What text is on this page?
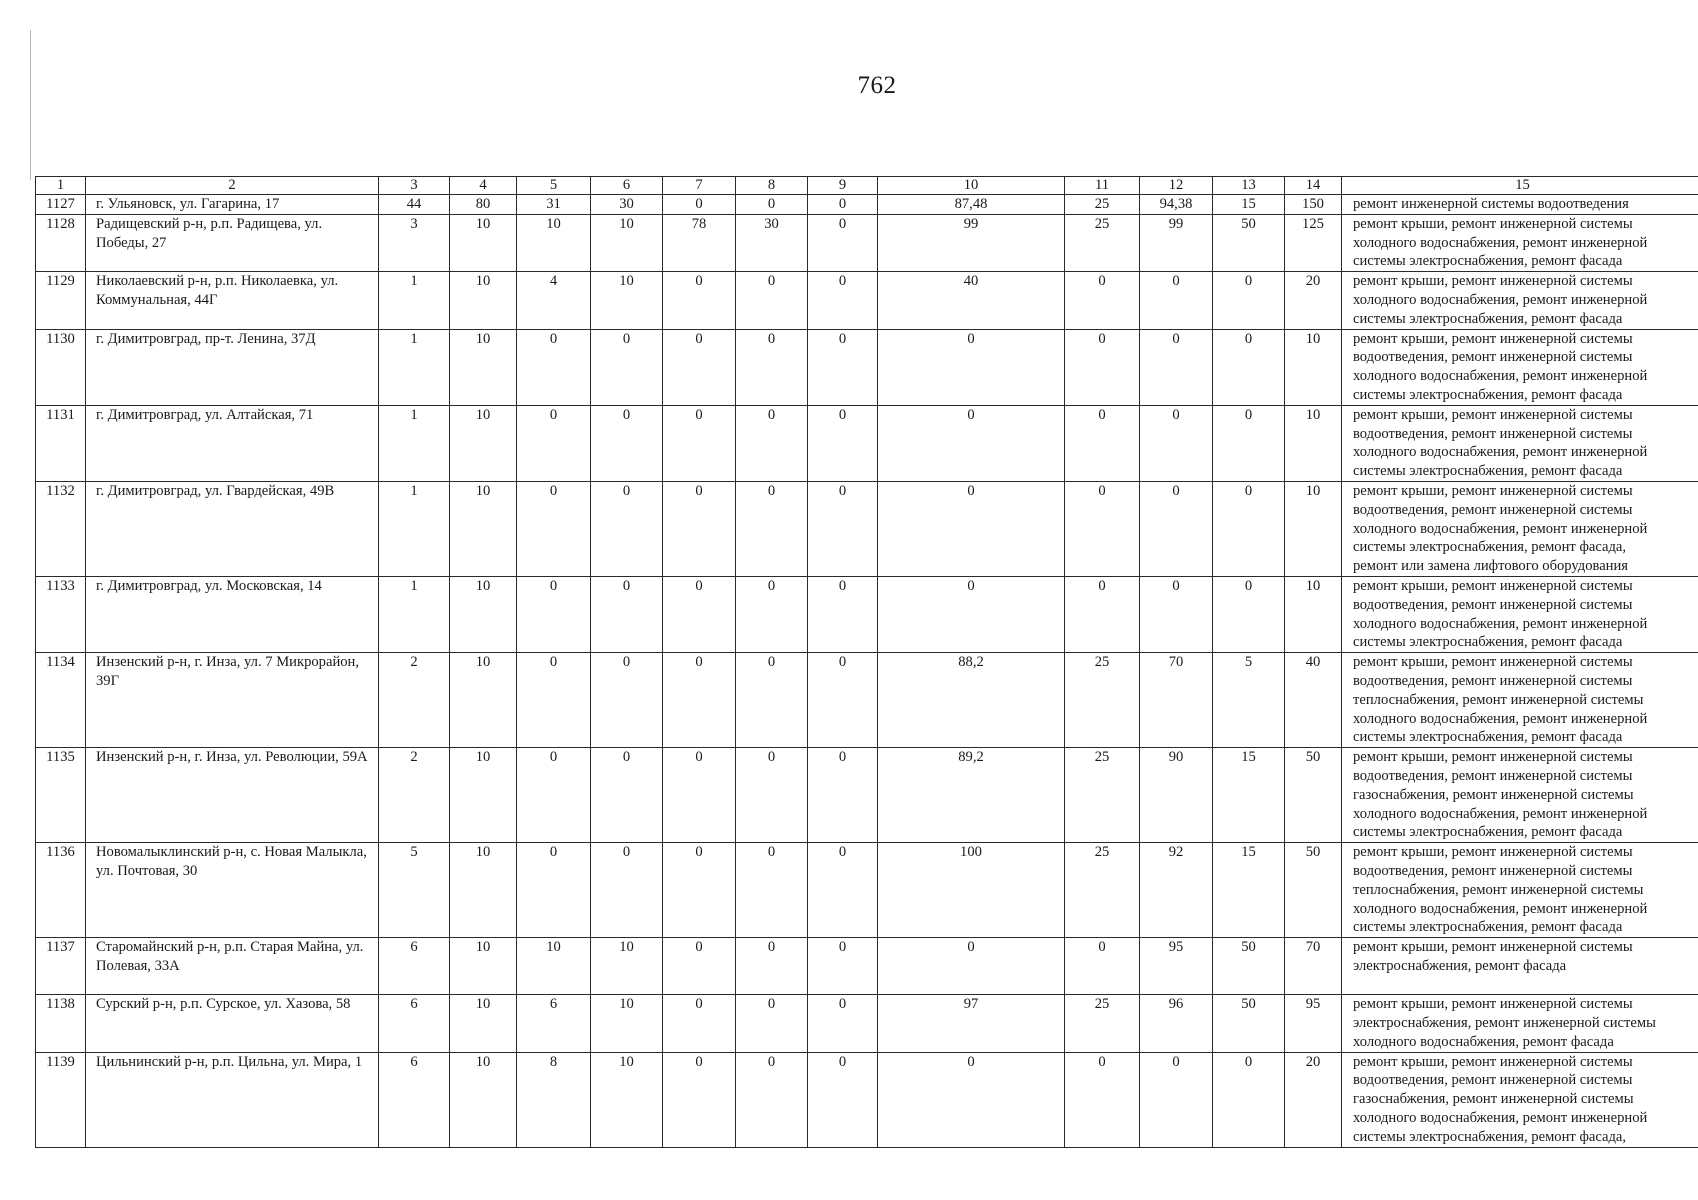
762
1	2	3	4	5	6	7	8	9	10	11	12	13	14	15
1127	г. Ульяновск, ул. Гагарина, 17	44	80	31	30	0	0	0	87,48	25	94,38	15	150	ремонт инженерной системы водоотведения
1128	Радищевский р-н, р.п. Радищева, ул. Победы, 27	3	10	10	10	78	30	0	99	25	99	50	125	ремонт крыши, ремонт инженерной системы
холодного водоснабжения, ремонт инженерной
системы электроснабжения, ремонт фасада
1129	Николаевский р-н, р.п. Николаевка, ул. Коммунальная, 44Г	1	10	4	10	0	0	0	40	0	0	0	20	ремонт крыши, ремонт инженерной системы
холодного водоснабжения, ремонт инженерной
системы электроснабжения, ремонт фасада
1130	г. Димитровград, пр-т. Ленина, 37Д	1	10	0	0	0	0	0	0	0	0	0	10	ремонт крыши, ремонт инженерной системы
водоотведения, ремонт инженерной системы
холодного водоснабжения, ремонт инженерной
системы электроснабжения, ремонт фасада
1131	г. Димитровград, ул. Алтайская, 71	1	10	0	0	0	0	0	0	0	0	0	10	ремонт крыши, ремонт инженерной системы
водоотведения, ремонт инженерной системы
холодного водоснабжения, ремонт инженерной
системы электроснабжения, ремонт фасада
1132	г. Димитровград, ул. Гвардейская, 49В	1	10	0	0	0	0	0	0	0	0	0	10	ремонт крыши, ремонт инженерной системы
водоотведения, ремонт инженерной системы
холодного водоснабжения, ремонт инженерной
системы электроснабжения, ремонт фасада,
ремонт или замена лифтового оборудования
1133	г. Димитровград, ул. Московская, 14	1	10	0	0	0	0	0	0	0	0	0	10	ремонт крыши, ремонт инженерной системы
водоотведения, ремонт инженерной системы
холодного водоснабжения, ремонт инженерной
системы электроснабжения, ремонт фасада
1134	Инзенский р-н, г. Инза, ул. 7 Микрорайон, 39Г	2	10	0	0	0	0	0	88,2	25	70	5	40	ремонт крыши, ремонт инженерной системы
водоотведения, ремонт инженерной системы
теплоснабжения, ремонт инженерной системы
холодного водоснабжения, ремонт инженерной
системы электроснабжения, ремонт фасада
1135	Инзенский р-н, г. Инза, ул. Революции, 59А	2	10	0	0	0	0	0	89,2	25	90	15	50	ремонт крыши, ремонт инженерной системы
водоотведения, ремонт инженерной системы
газоснабжения, ремонт инженерной системы
холодного водоснабжения, ремонт инженерной
системы электроснабжения, ремонт фасада
1136	Новомалыклинский р-н, с. Новая Малыкла, ул. Почтовая, 30	5	10	0	0	0	0	0	100	25	92	15	50	ремонт крыши, ремонт инженерной системы
водоотведения, ремонт инженерной системы
теплоснабжения, ремонт инженерной системы
холодного водоснабжения, ремонт инженерной
системы электроснабжения, ремонт фасада
1137	Старомайнский р-н, р.п. Старая Майна, ул. Полевая, 33А	6	10	10	10	0	0	0	0	0	95	50	70	ремонт крыши, ремонт инженерной системы
электроснабжения, ремонт фасада
1138	Сурский р-н, р.п. Сурское, ул. Хазова, 58	6	10	6	10	0	0	0	97	25	96	50	95	ремонт крыши, ремонт инженерной системы
электроснабжения, ремонт инженерной системы
холодного водоснабжения, ремонт фасада
1139	Цильнинский р-н, р.п. Цильна, ул. Мира, 1	6	10	8	10	0	0	0	0	0	0	0	20	ремонт крыши, ремонт инженерной системы
водоотведения, ремонт инженерной системы
газоснабжения, ремонт инженерной системы
холодного водоснабжения, ремонт инженерной
системы электроснабжения, ремонт фасада,
